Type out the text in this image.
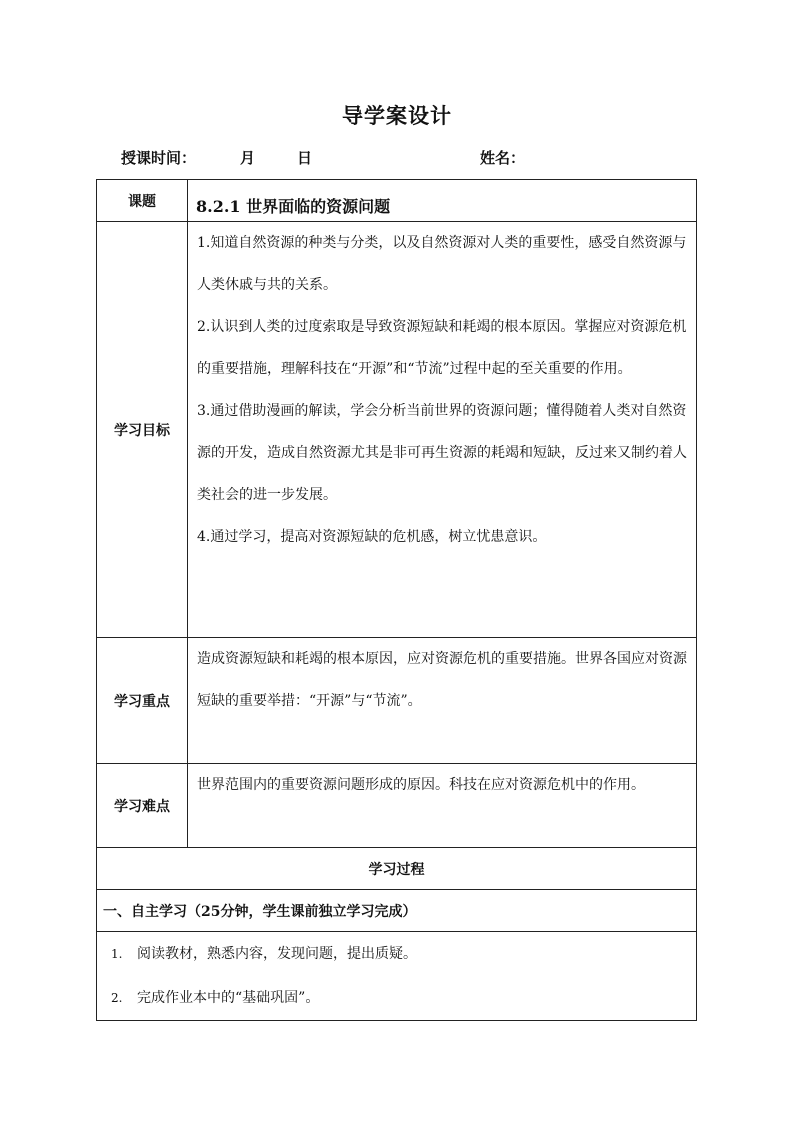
导学案设计
授课时间：	月	日	姓名：
课题	8.2.1 世界面临的资源问题
学习目标	1.知道自然资源的种类与分类，以及自然资源对人类的重要性，感受自然资源与人类休戚与共的关系。

2.认识到人类的过度索取是导致资源短缺和耗竭的根本原因。掌握应对资源危机的重要措施，理解科技在“开源”和“节流”过程中起的至关重要的作用。

3.通过借助漫画的解读，学会分析当前世界的资源问题；懂得随着人类对自然资源的开发，造成自然资源尤其是非可再生资源的耗竭和短缺，反过来又制约着人类社会的进一步发展。

4.通过学习，提高对资源短缺的危机感，树立忧患意识。

学习重点	造成资源短缺和耗竭的根本原因，应对资源危机的重要措施。世界各国应对资源短缺的重要举措：“开源”与“节流”。

学习难点	世界范围内的重要资源问题形成的原因。科技在应对资源危机中的作用。

学习过程	
一、自主学习（25分钟，学生课前独立学习完成）	

1. 阅读教材，熟悉内容，发现问题，提出质疑。

2. 完成作业本中的“基础巩固”。	
